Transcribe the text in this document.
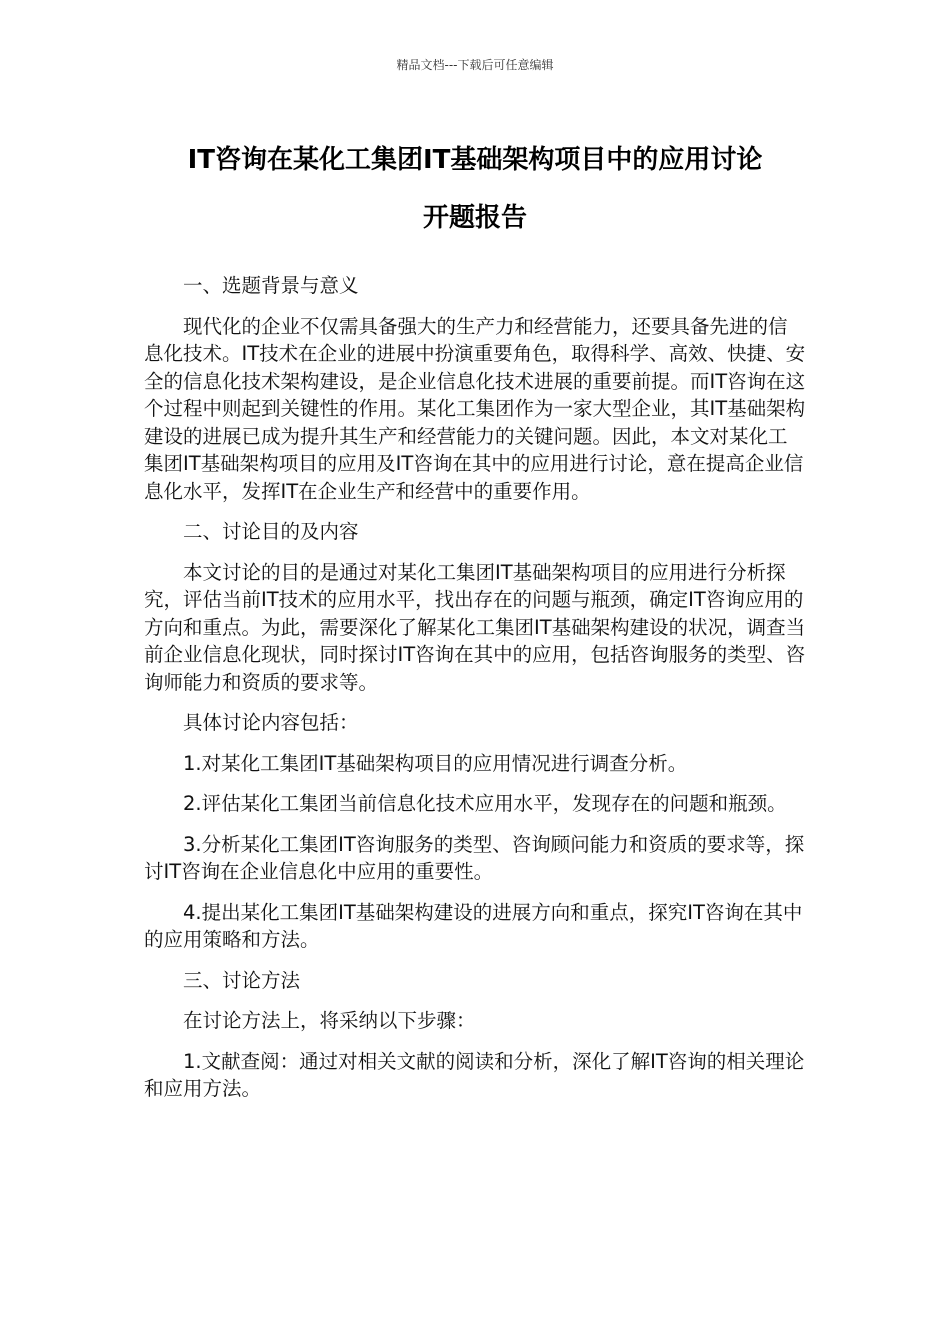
精品文档---下载后可任意编辑
IT咨询在某化工集团IT基础架构项目中的应用讨论
开题报告

一、选题背景与意义

现代化的企业不仅需具备强大的生产力和经营能力，还要具备先进的信息化技术。IT技术在企业的进展中扮演重要角色，取得科学、高效、快捷、安全的信息化技术架构建设，是企业信息化技术进展的重要前提。而IT咨询在这个过程中则起到关键性的作用。某化工集团作为一家大型企业，其IT基础架构建设的进展已成为提升其生产和经营能力的关键问题。因此，本文对某化工集团IT基础架构项目的应用及IT咨询在其中的应用进行讨论，意在提高企业信息化水平，发挥IT在企业生产和经营中的重要作用。

二、讨论目的及内容

本文讨论的目的是通过对某化工集团IT基础架构项目的应用进行分析探究，评估当前IT技术的应用水平，找出存在的问题与瓶颈，确定IT咨询应用的方向和重点。为此，需要深化了解某化工集团IT基础架构建设的状况，调查当前企业信息化现状，同时探讨IT咨询在其中的应用，包括咨询服务的类型、咨询师能力和资质的要求等。

具体讨论内容包括：

1.对某化工集团IT基础架构项目的应用情况进行调查分析。

2.评估某化工集团当前信息化技术应用水平，发现存在的问题和瓶颈。

3.分析某化工集团IT咨询服务的类型、咨询顾问能力和资质的要求等，探讨IT咨询在企业信息化中应用的重要性。

4.提出某化工集团IT基础架构建设的进展方向和重点，探究IT咨询在其中的应用策略和方法。

三、讨论方法

在讨论方法上，将采纳以下步骤：

1.文献查阅：通过对相关文献的阅读和分析，深化了解IT咨询的相关理论和应用方法。
